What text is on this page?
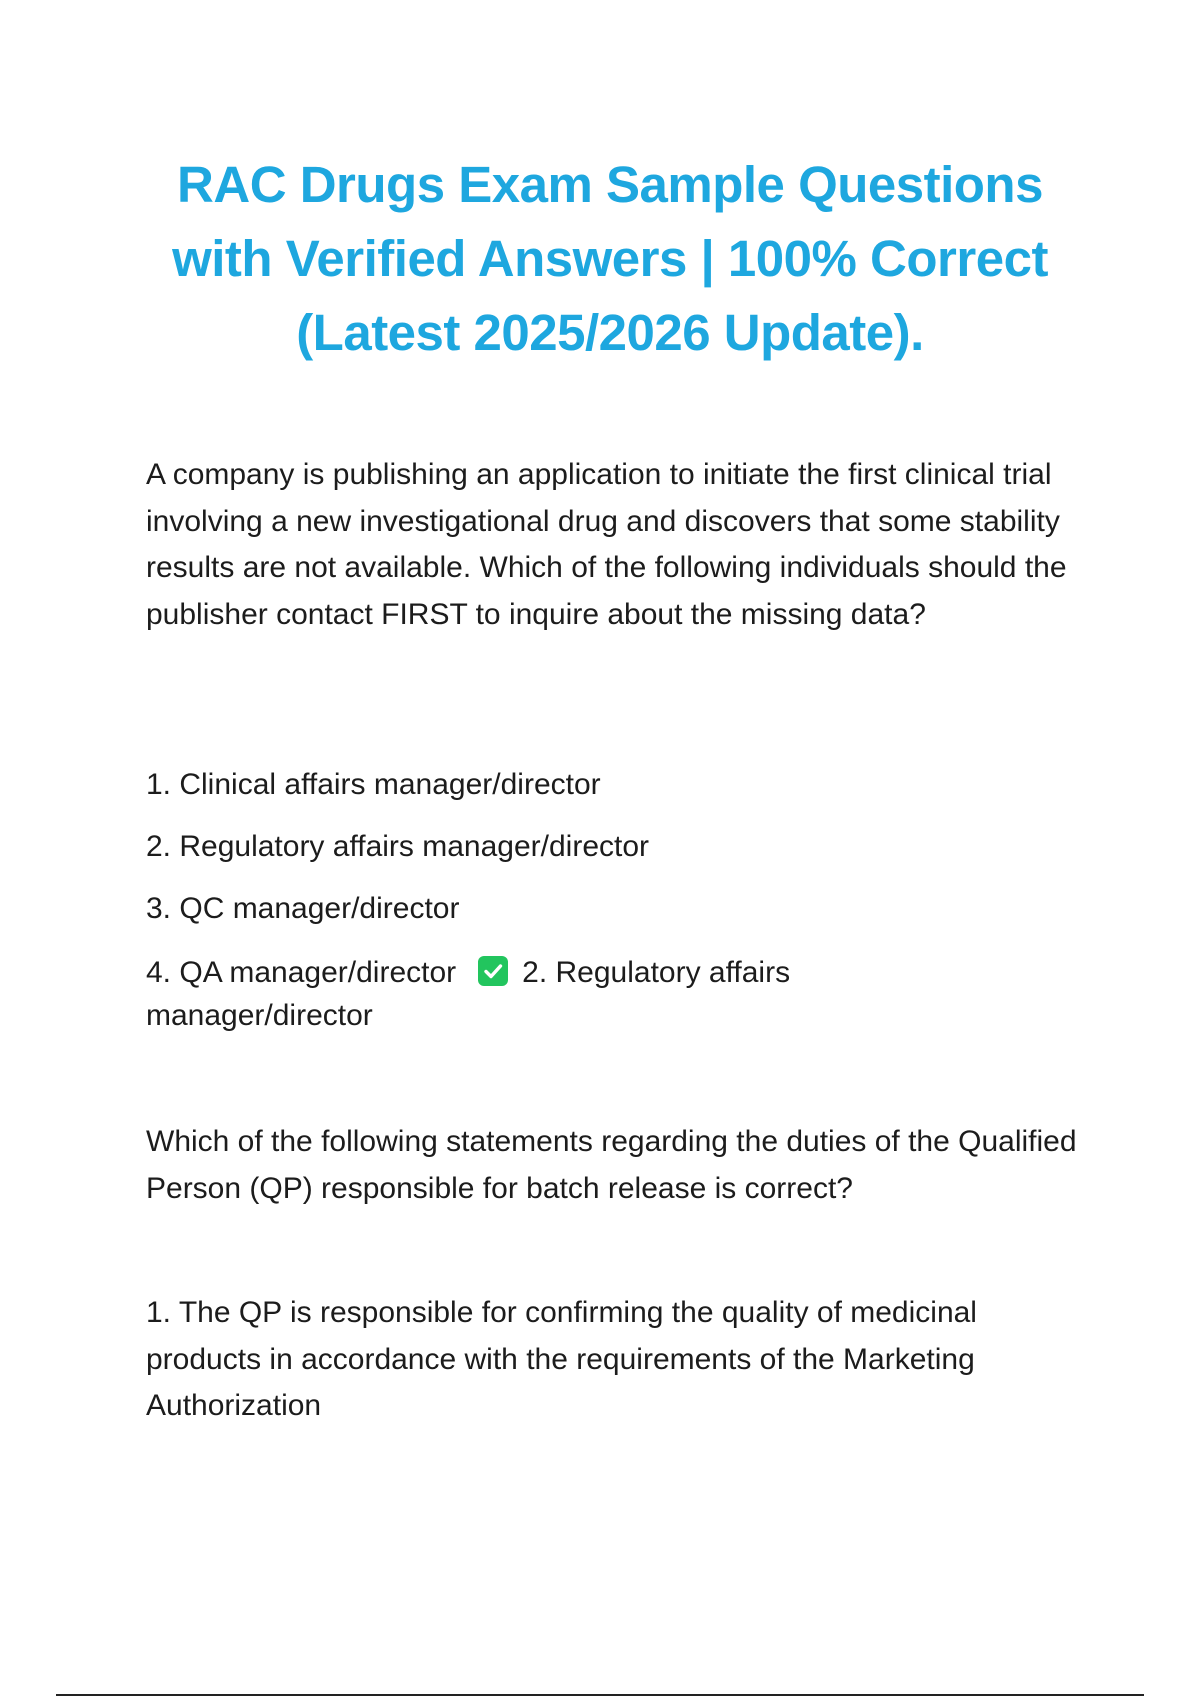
RAC Drugs Exam Sample Questions
with Verified Answers | 100% Correct
(Latest 2025/2026 Update).
A company is publishing an application to initiate the first clinical trial involving a new investigational drug and discovers that some stability results are not available. Which of the following individuals should the publisher contact FIRST to inquire about the missing data?
1. Clinical affairs manager/director
2. Regulatory affairs manager/director
3. QC manager/director
4. QA manager/director 2. Regulatory affairs
manager/director
Which of the following statements regarding the duties of the Qualified Person (QP) responsible for batch release is correct?
1. The QP is responsible for confirming the quality of medicinal products in accordance with the requirements of the Marketing Authorization
